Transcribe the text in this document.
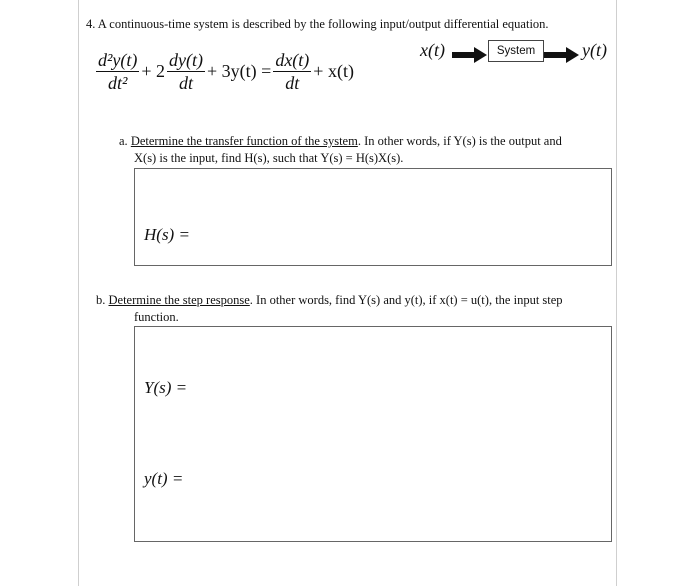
4. A continuous-time system is described by the following input/output differential equation.
$\frac{\text{d²y(t)}}{\text{dt²}} + 2 \frac{dy(t)}{dt} + 3y(t) = \frac{dx(t)}{dt} + x(t)$
x(t)	System	y(t)
a. Determine the transfer function of the system. In other words, if Y(s) is the output and
X(s) is the input, find H(s), such that Y(s) = H(s)X(s).
H(s) =
b. Determine the step response. In other words, find Y(s) and y(t), if x(t) = u(t), the input step
function.
Y(s) =
y(t) =
